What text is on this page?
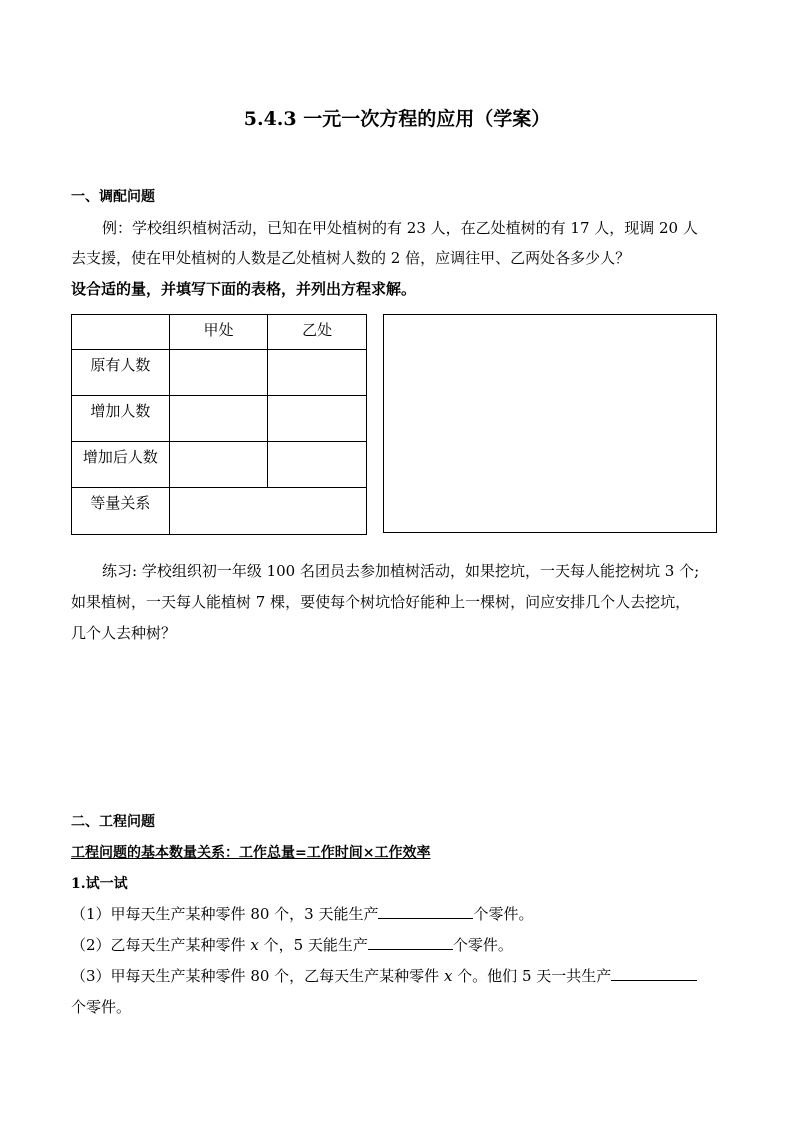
5.4.3 一元一次方程的应用（学案）
一、调配问题
例：学校组织植树活动，已知在甲处植树的有 23 人，在乙处植树的有 17 人，现调 20 人
去支援，使在甲处植树的人数是乙处植树人数的 2 倍，应调往甲、乙两处各多少人？
设合适的量，并填写下面的表格，并列出方程求解。
	甲处	乙处
原有人数		
增加人数		
增加后人数		
等量关系		
练习: 学校组织初一年级 100 名团员去参加植树活动，如果挖坑，一天每人能挖树坑 3 个;
如果植树，一天每人能植树 7 棵，要使每个树坑恰好能种上一棵树，问应安排几个人去挖坑，
几个人去种树？
二、工程问题
工程问题的基本数量关系：工作总量=工作时间×工作效率
1.试一试
（1）甲每天生产某种零件 80 个，3 天能生产	个零件。
（2）乙每天生产某种零件 x 个，5 天能生产	个零件。
（3）甲每天生产某种零件 80 个，乙每天生产某种零件 x 个。他们 5 天一共生产
个零件。
